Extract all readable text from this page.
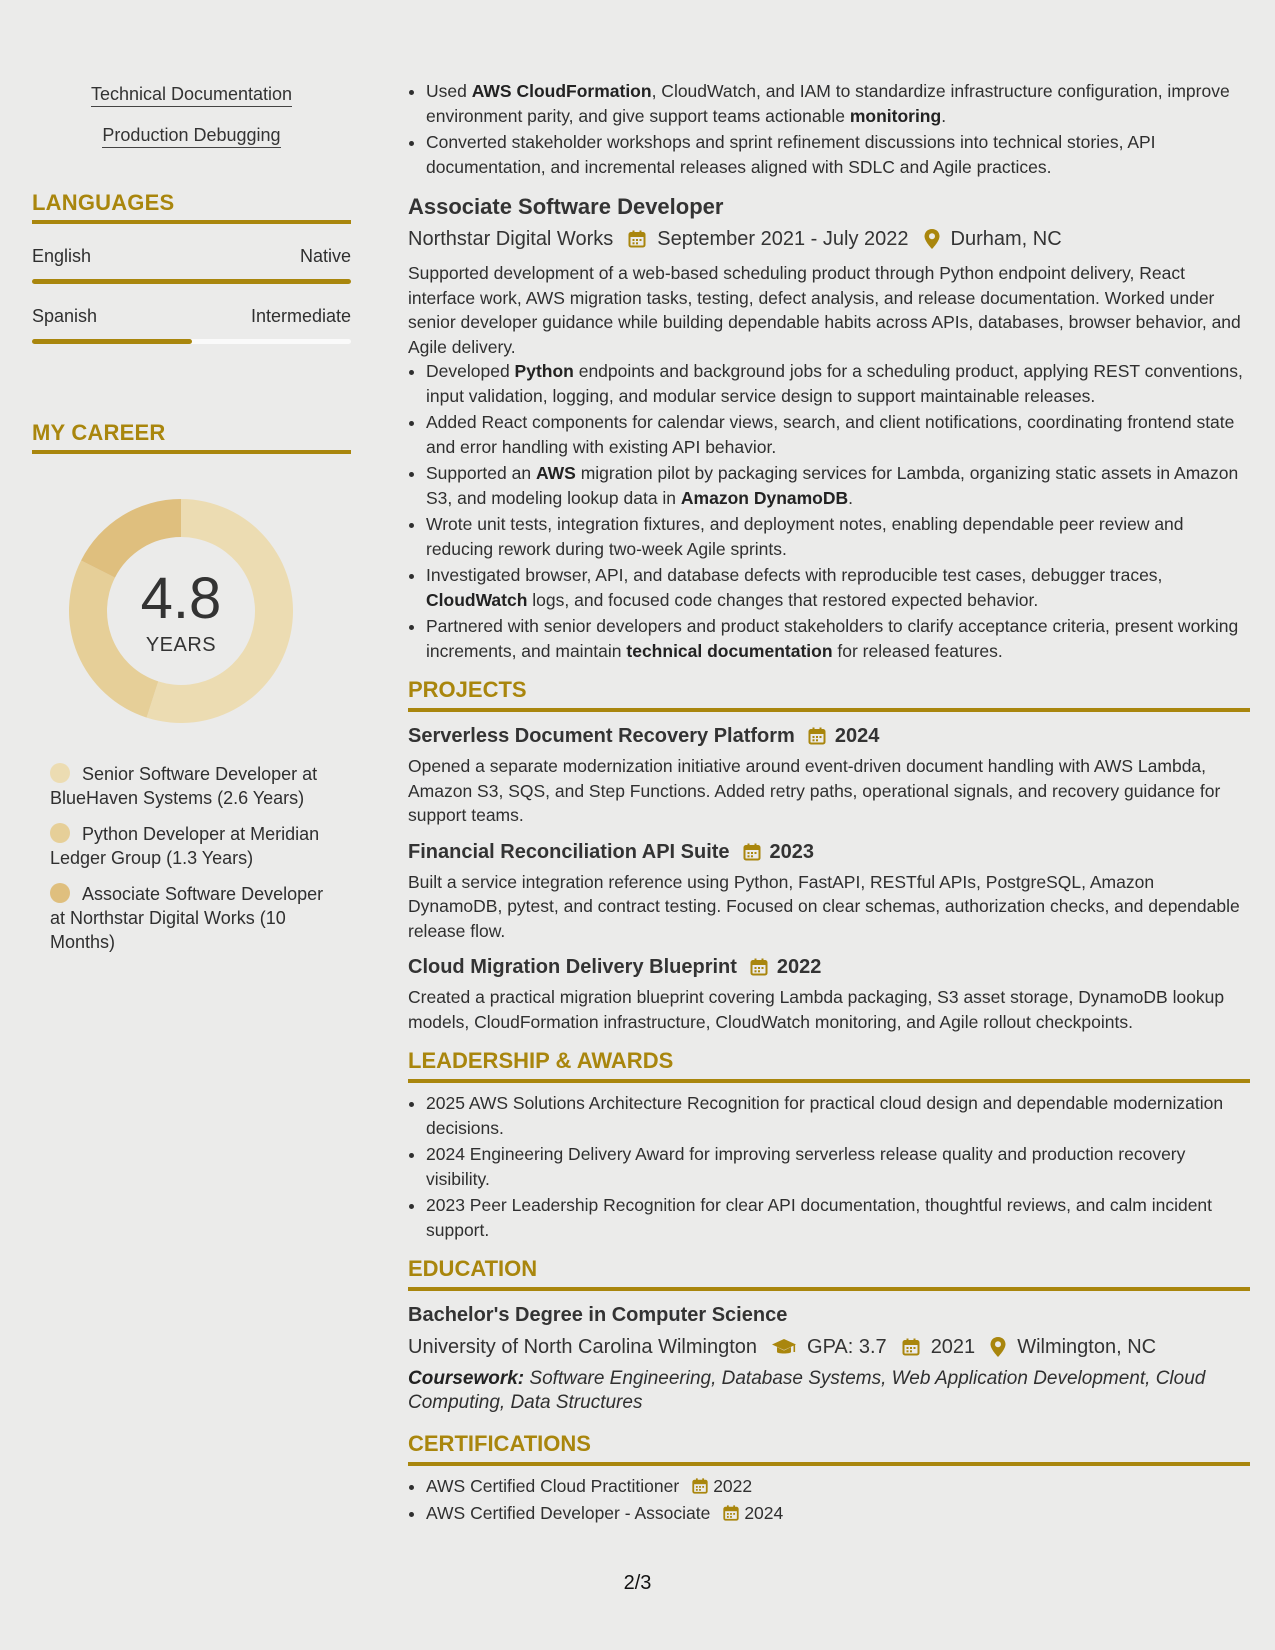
Technical Documentation
Production Debugging
LANGUAGES
English	Native
Spanish	Intermediate
MY CAREER
4.8
YEARS
Senior Software Developer at BlueHaven Systems (2.6 Years)
Python Developer at Meridian Ledger Group (1.3 Years)
Associate Software Developer at Northstar Digital Works (10 Months)
• Used AWS CloudFormation, CloudWatch, and IAM to standardize infrastructure configuration, improve environment parity, and give support teams actionable monitoring.
• Converted stakeholder workshops and sprint refinement discussions into technical stories, API documentation, and incremental releases aligned with SDLC and Agile practices.
Associate Software Developer
Northstar Digital Works September 2021 - July 2022 Durham, NC
Supported development of a web-based scheduling product through Python endpoint delivery, React interface work, AWS migration tasks, testing, defect analysis, and release documentation. Worked under senior developer guidance while building dependable habits across APIs, databases, browser behavior, and Agile delivery.
• Developed Python endpoints and background jobs for a scheduling product, applying REST conventions, input validation, logging, and modular service design to support maintainable releases.
• Added React components for calendar views, search, and client notifications, coordinating frontend state and error handling with existing API behavior.
• Supported an AWS migration pilot by packaging services for Lambda, organizing static assets in Amazon S3, and modeling lookup data in Amazon DynamoDB.
• Wrote unit tests, integration fixtures, and deployment notes, enabling dependable peer review and reducing rework during two-week Agile sprints.
• Investigated browser, API, and database defects with reproducible test cases, debugger traces, CloudWatch logs, and focused code changes that restored expected behavior.
• Partnered with senior developers and product stakeholders to clarify acceptance criteria, present working increments, and maintain technical documentation for released features.
PROJECTS
Serverless Document Recovery Platform 2024
Opened a separate modernization initiative around event-driven document handling with AWS Lambda, Amazon S3, SQS, and Step Functions. Added retry paths, operational signals, and recovery guidance for support teams.
Financial Reconciliation API Suite 2023
Built a service integration reference using Python, FastAPI, RESTful APIs, PostgreSQL, Amazon DynamoDB, pytest, and contract testing. Focused on clear schemas, authorization checks, and dependable release flow.
Cloud Migration Delivery Blueprint 2022
Created a practical migration blueprint covering Lambda packaging, S3 asset storage, DynamoDB lookup models, CloudFormation infrastructure, CloudWatch monitoring, and Agile rollout checkpoints.
LEADERSHIP & AWARDS
• 2025 AWS Solutions Architecture Recognition for practical cloud design and dependable modernization decisions.
• 2024 Engineering Delivery Award for improving serverless release quality and production recovery visibility.
• 2023 Peer Leadership Recognition for clear API documentation, thoughtful reviews, and calm incident support.
EDUCATION
Bachelor's Degree in Computer Science
University of North Carolina Wilmington	GPA: 3.7 2021 Wilmington, NC
Coursework: Software Engineering, Database Systems, Web Application Development, Cloud Computing, Data Structures
CERTIFICATIONS
• AWS Certified Cloud Practitioner 2022
• AWS Certified Developer - Associate 2024
2/3
